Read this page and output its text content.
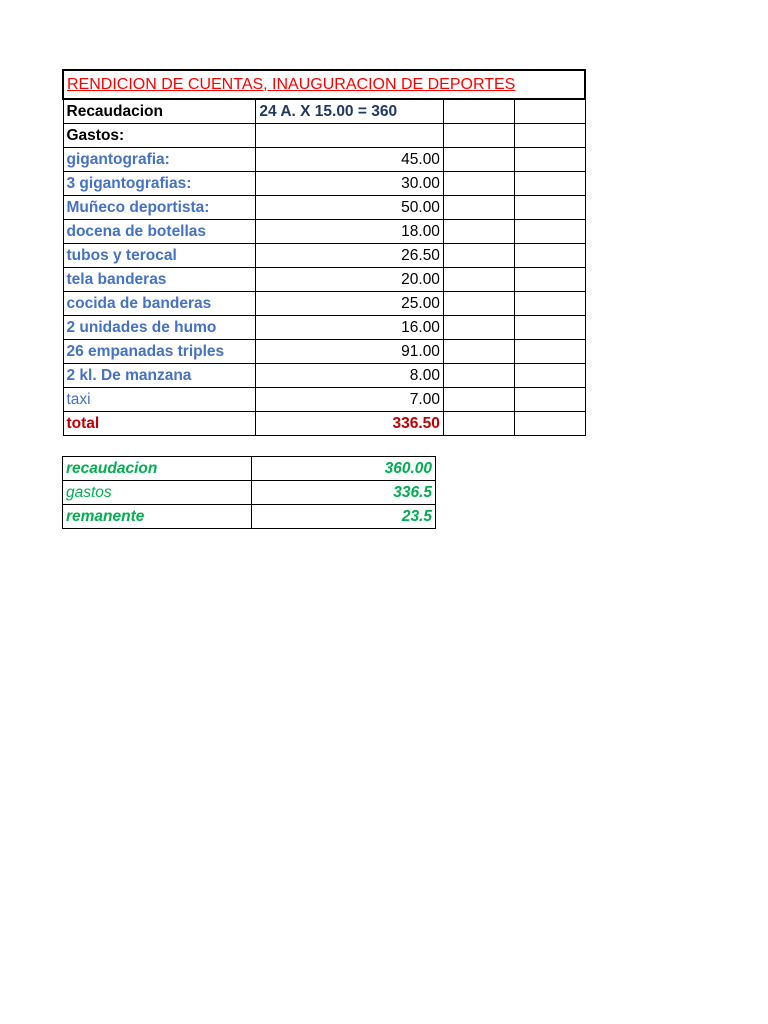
RENDICION DE CUENTAS, INAUGURACION DE DEPORTES			
Recaudacion	24 A. X 15.00 = 360		
Gastos:			
gigantografia:	45.00		
3 gigantografias:	30.00		
Muñeco deportista:	50.00		
docena de botellas	18.00		
tubos y terocal	26.50		
tela banderas	20.00		
cocida de banderas	25.00		
2 unidades de humo	16.00		
26 empanadas triples	91.00		
2 kl. De manzana	8.00		
taxi	7.00		
total	336.50		
recaudacion	360.00
gastos	336.5
remanente	23.5
